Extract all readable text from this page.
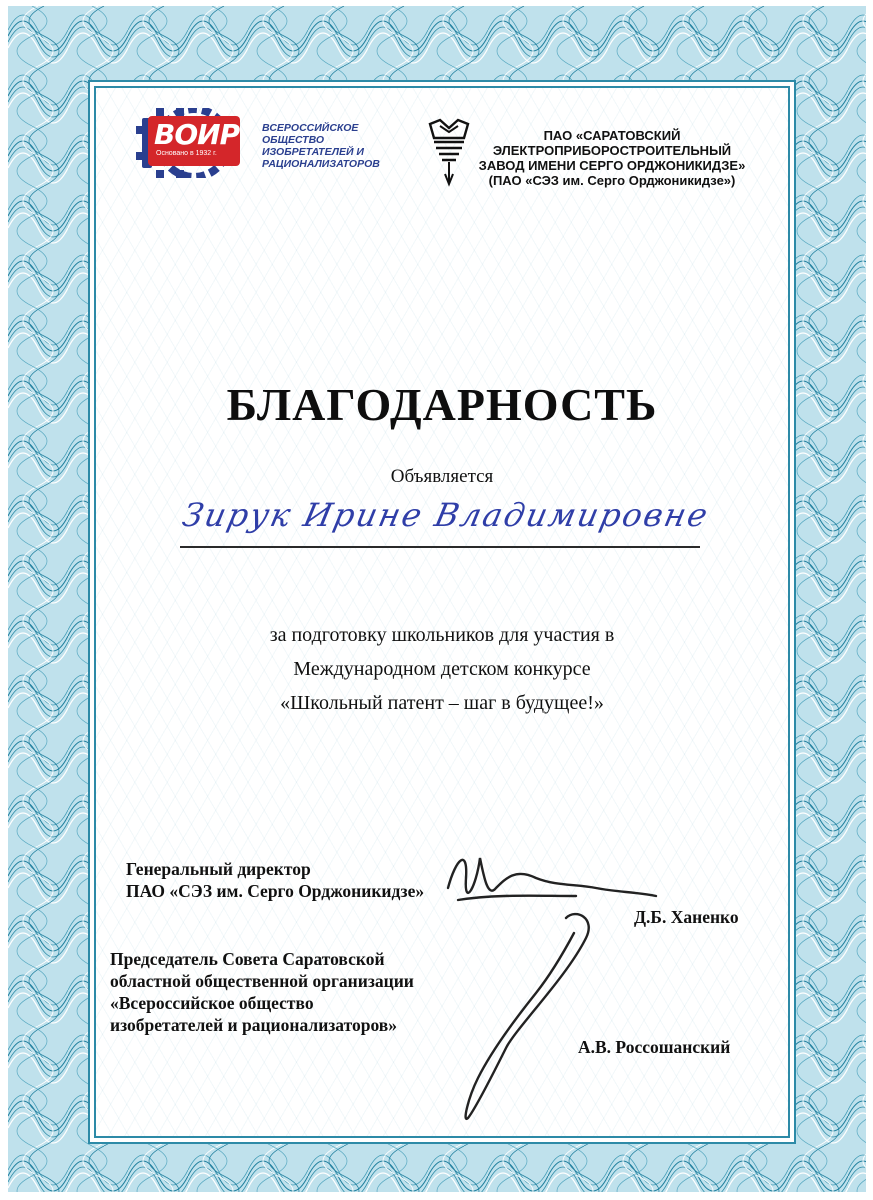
ВОИР
Основано в 1932 г.
ВСЕРОССИЙСКОЕ
ОБЩЕСТВО
ИЗОБРЕТАТЕЛЕЙ И
РАЦИОНАЛИЗАТОРОВ
ПАО «САРАТОВСКИЙ
ЭЛЕКТРОПРИБОРОСТРОИТЕЛЬНЫЙ
ЗАВОД ИМЕНИ СЕРГО ОРДЖОНИКИДЗЕ»
(ПАО «СЭЗ им. Серго Орджоникидзе»)
БЛАГОДАРНОСТЬ
Объявляется
Зирук Ирине Владимировне
за подготовку школьников для участия в
Международном детском конкурсе
«Школьный патент – шаг в будущее!»
Генеральный директор
ПАО «СЭЗ им. Серго Орджоникидзе»
Д.Б. Ханенко
Председатель Совета Саратовской
областной общественной организации
«Всероссийское общество
изобретателей и рационализаторов»
А.В. Россошанский
